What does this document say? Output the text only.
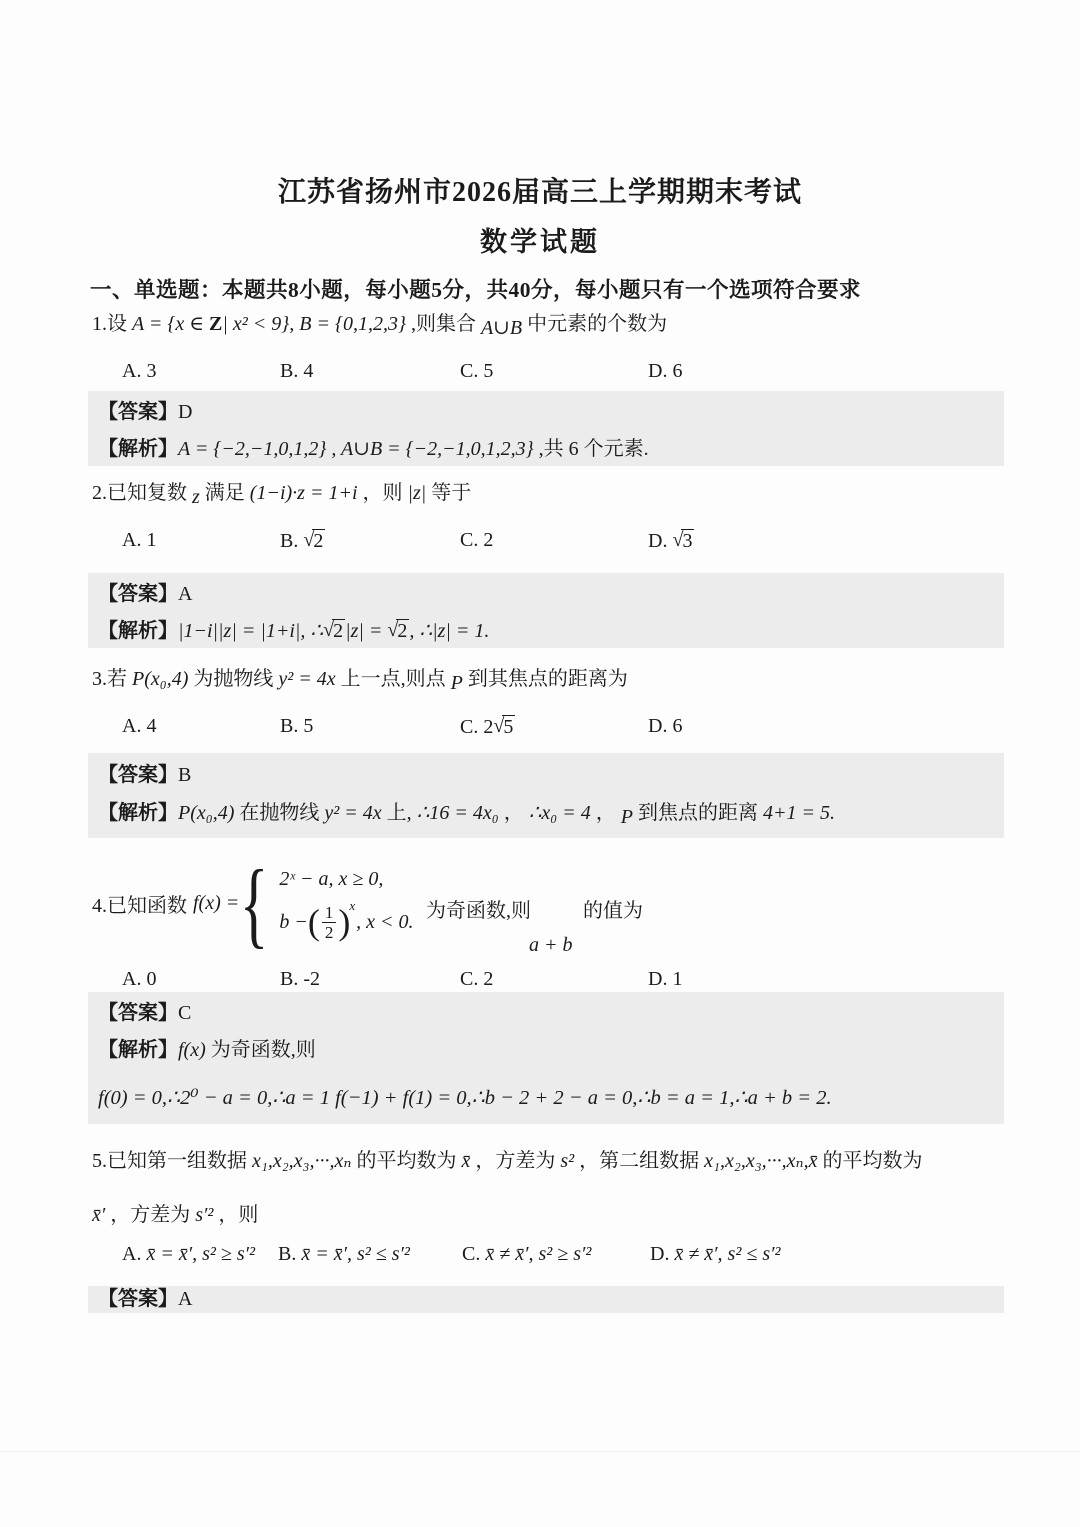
江苏省扬州市2026届高三上学期期末考试
数学试题
一、单选题：本题共8小题，每小题5分，共40分，每小题只有一个选项符合要求
1.设 A = {x ∈ Z| x² < 9}, B = {0,1,2,3} ,则集合 A∪B 中元素的个数为
A. 3	B. 4	C. 5	D. 6
【答案】D
【解析】A = {−2,−1,0,1,2} , A∪B = {−2,−1,0,1,2,3} ,共 6 个元素.
2.已知复数 z 满足 (1−i)·z = 1+i ，则 |z| 等于
A. 1	B. √2	C. 2	D. √3
【答案】A
【解析】|1−i||z| = |1+i|, ∴√2 |z| = √2 , ∴|z| = 1.
3.若 P(x₀,4) 为抛物线 y² = 4x 上一点,则点 P 到其焦点的距离为
A. 4	B. 5	C. 2√5	D. 6
【答案】B
【解析】P(x₀,4) 在抛物线 y² = 4x 上, ∴16 = 4x₀ ， ∴x₀ = 4 ， P 到焦点的距离 4+1 = 5.
4.已知函数 f(x) = { 2ˣ − a, x ≥ 0,
b − ( $\frac{1}{2}$ ) x
, x < 0. 为奇函数,则	的值为
a + b
A. 0	B. -2	C. 2	D. 1
【答案】C
【解析】f(x) 为奇函数,则
f(0) = 0,∴2⁰ − a = 0,∴a = 1 f(−1) + f(1) = 0,∴b − 2 + 2 − a = 0,∴b = a = 1,∴a + b = 2.
5.已知第一组数据 x₁,x₂,x₃,···,xₙ 的平均数为 x̄ ，方差为 s² ，第二组数据 x₁,x₂,x₃,···,xₙ,x̄ 的平均数为
x̄′ ，方差为 s′² ，则
A. x̄ = x̄′, s² ≥ s′² B. x̄ = x̄′, s² ≤ s′²	C. x̄ ≠ x̄′, s² ≥ s′²	D. x̄ ≠ x̄′, s² ≤ s′²
【答案】A
